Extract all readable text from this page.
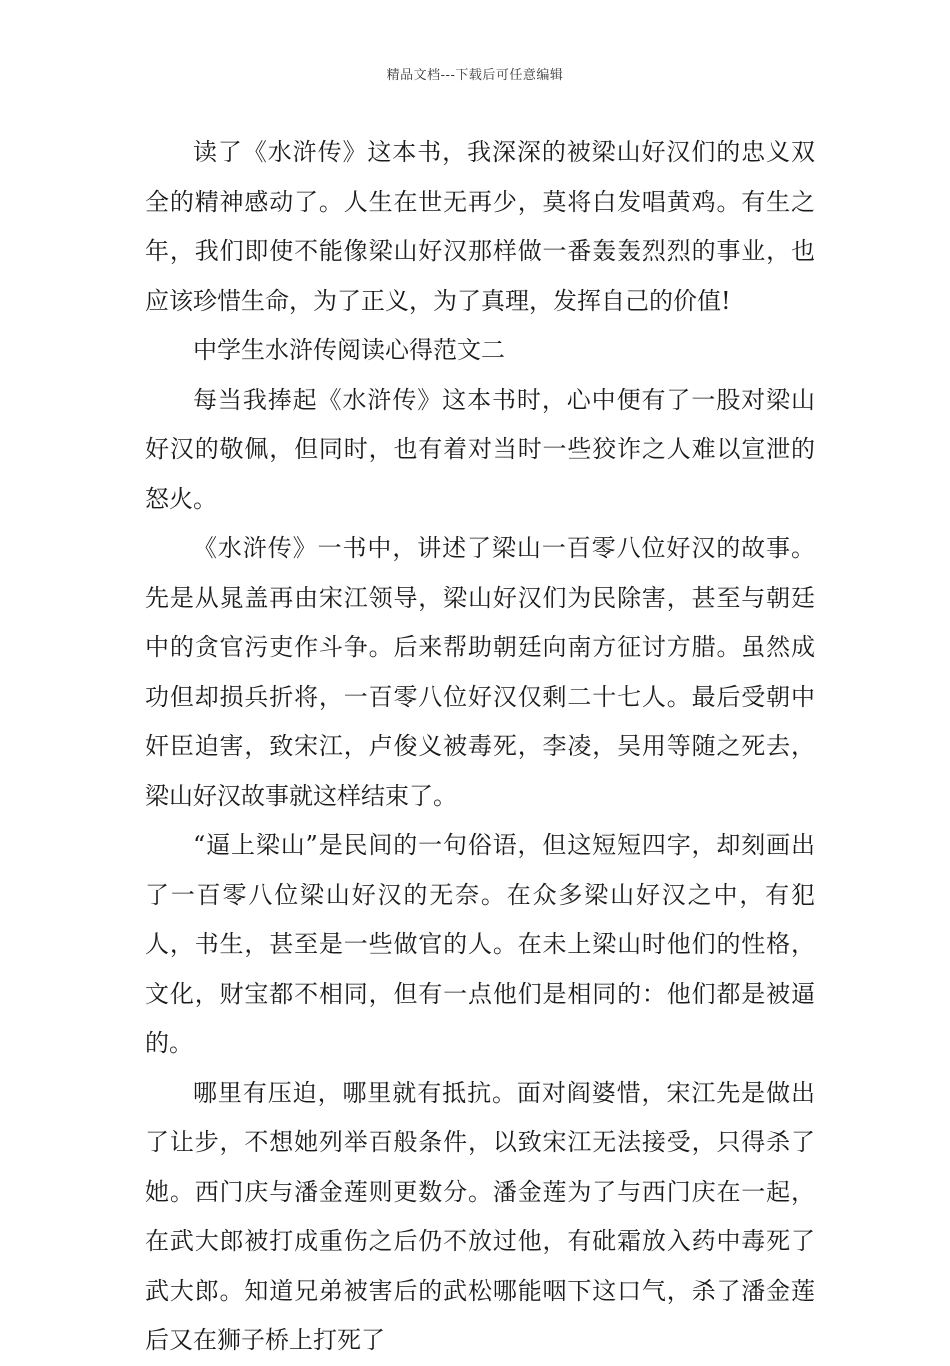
精品文档---下载后可任意编辑

读了《水浒传》这本书，我深深的被梁山好汉们的忠义双全的精神感动了。人生在世无再少，莫将白发唱黄鸡。有生之年，我们即使不能像梁山好汉那样做一番轰轰烈烈的事业，也应该珍惜生命，为了正义，为了真理，发挥自己的价值!

中学生水浒传阅读心得范文二

每当我捧起《水浒传》这本书时，心中便有了一股对梁山好汉的敬佩，但同时，也有着对当时一些狡诈之人难以宣泄的怒火。

《水浒传》一书中，讲述了梁山一百零八位好汉的故事。先是从晁盖再由宋江领导，梁山好汉们为民除害，甚至与朝廷中的贪官污吏作斗争。后来帮助朝廷向南方征讨方腊。虽然成功但却损兵折将，一百零八位好汉仅剩二十七人。最后受朝中奸臣迫害，致宋江，卢俊义被毒死，李凌，吴用等随之死去，梁山好汉故事就这样结束了。

“逼上梁山”是民间的一句俗语，但这短短四字，却刻画出了一百零八位梁山好汉的无奈。在众多梁山好汉之中，有犯人，书生，甚至是一些做官的人。在未上梁山时他们的性格，文化，财宝都不相同，但有一点他们是相同的：他们都是被逼的。

哪里有压迫，哪里就有抵抗。面对阎婆惜，宋江先是做出了让步，不想她列举百般条件，以致宋江无法接受，只得杀了她。西门庆与潘金莲则更数分。潘金莲为了与西门庆在一起，在武大郎被打成重伤之后仍不放过他，有砒霜放入药中毒死了武大郎。知道兄弟被害后的武松哪能咽下这口气，杀了潘金莲后又在狮子桥上打死了
